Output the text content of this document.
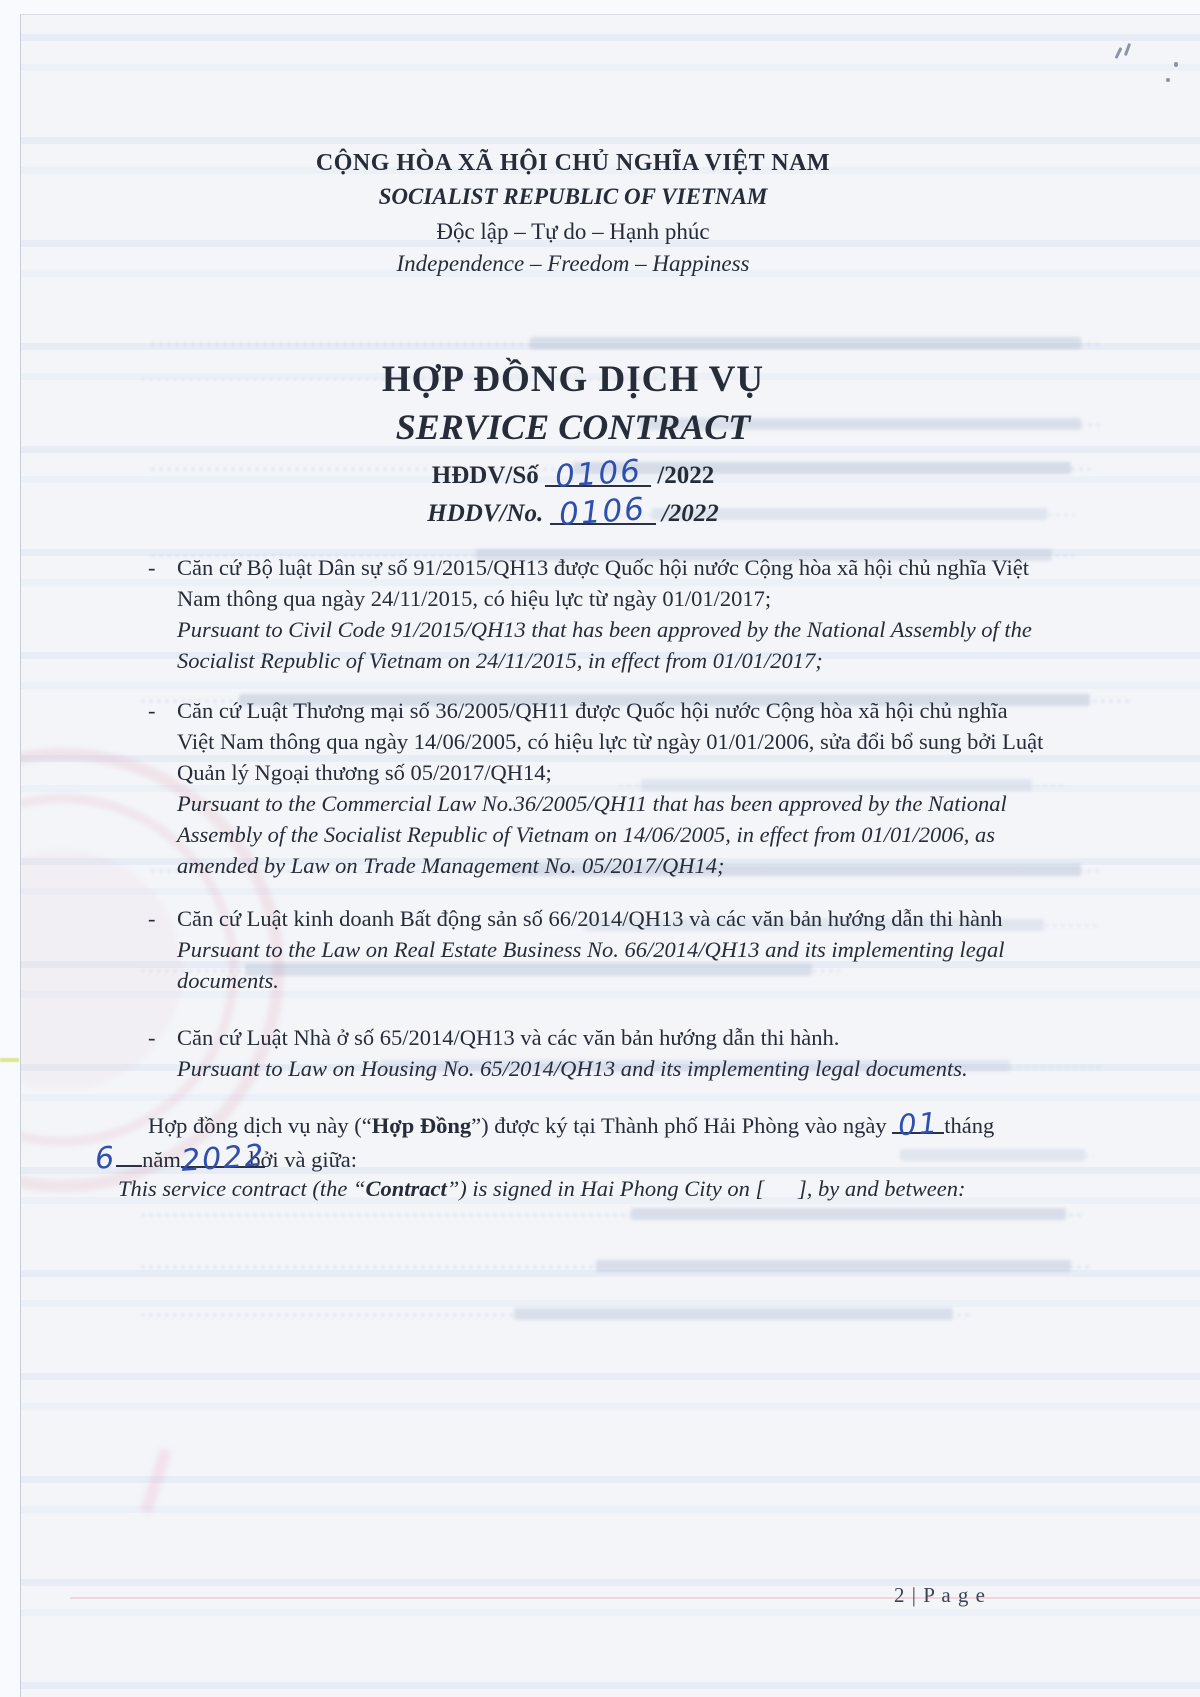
CỘNG HÒA XÃ HỘI CHỦ NGHĨA VIỆT NAM
SOCIALIST REPUBLIC OF VIETNAM
Độc lập – Tự do – Hạnh phúc
Independence – Freedom – Happiness
HỢP ĐỒNG DỊCH VỤ
SERVICE CONTRACT
HĐDV/Số 0106 /2022
HDDV/No. 0106 /2022
- Căn cứ Bộ luật Dân sự số 91/2015/QH13 được Quốc hội nước Cộng hòa xã hội chủ nghĩa Việt Nam thông qua ngày 24/11/2015, có hiệu lực từ ngày 01/01/2017;
Pursuant to Civil Code 91/2015/QH13 that has been approved by the National Assembly of the Socialist Republic of Vietnam on 24/11/2015, in effect from 01/01/2017;
- Căn cứ Luật Thương mại số 36/2005/QH11 được Quốc hội nước Cộng hòa xã hội chủ nghĩa Việt Nam thông qua ngày 14/06/2005, có hiệu lực từ ngày 01/01/2006, sửa đổi bổ sung bởi Luật Quản lý Ngoại thương số 05/2017/QH14;
Pursuant to the Commercial Law No.36/2005/QH11 that has been approved by the National Assembly of the Socialist Republic of Vietnam on 14/06/2005, in effect from 01/01/2006, as amended by Law on Trade Management No. 05/2017/QH14;
- Căn cứ Luật kinh doanh Bất động sản số 66/2014/QH13 và các văn bản hướng dẫn thi hành
Pursuant to the Law on Real Estate Business No. 66/2014/QH13 and its implementing legal documents.
- Căn cứ Luật Nhà ở số 65/2014/QH13 và các văn bản hướng dẫn thi hành.
Pursuant to Law on Housing No. 65/2014/QH13 and its implementing legal documents.
Hợp đồng dịch vụ này (“Hợp Đồng”) được ký tại Thành phố Hải Phòng vào ngày 01 tháng
6 năm2022bởi và giữa:
This service contract (the “Contract”) is signed in Hai Phong City on [      ], by and between:
2 | P a g e
